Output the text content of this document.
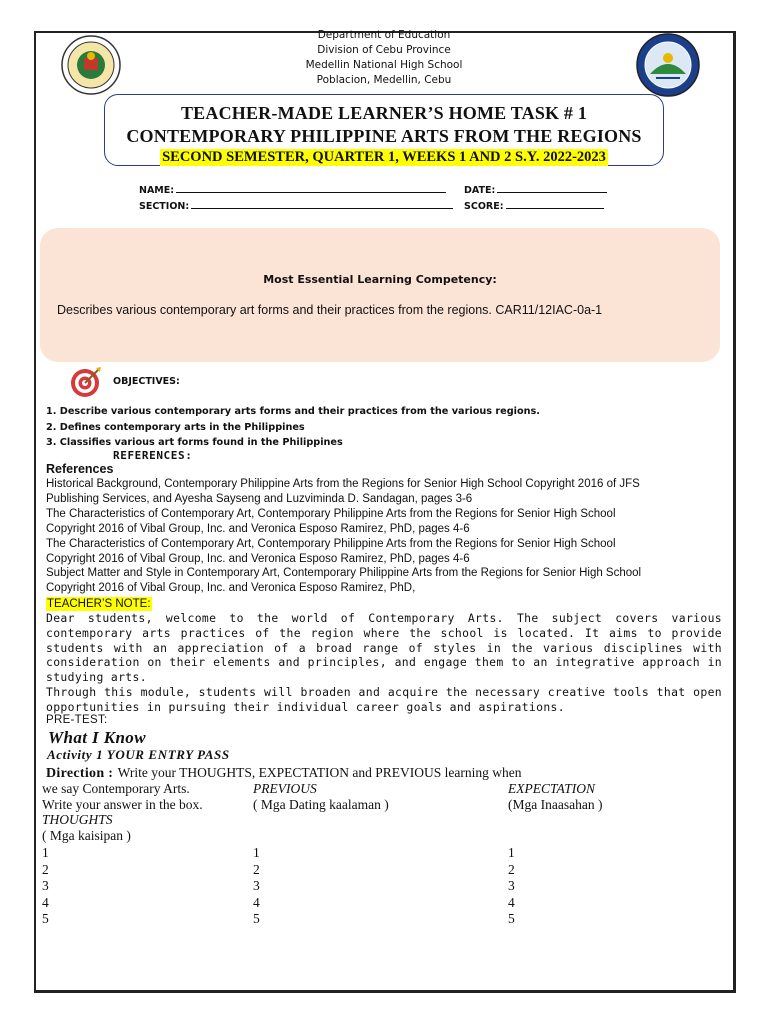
Department of Education
Division of Cebu Province
Medellin National High School
Poblacion, Medellin, Cebu
TEACHER-MADE LEARNER’S HOME TASK # 1
CONTEMPORARY PHILIPPINE ARTS FROM THE REGIONS
SECOND SEMESTER, QUARTER 1, WEEKS 1 AND 2 S.Y. 2022-2023
NAME:	DATE:
SECTION:	SCORE:
Most Essential Learning Competency:
Describes various contemporary art forms and their practices from the regions. CAR11/12IAC-0a-1
OBJECTIVES:
1. Describe various contemporary arts forms and their practices from the various regions.
2. Defines contemporary arts in the Philippines
3. Classifies various art forms found in the Philippines
REFERENCES:
References
Historical Background, Contemporary Philippine Arts from the Regions for Senior High School Copyright 2016 of JFS
Publishing Services, and Ayesha Sayseng and Luzviminda D. Sandagan, pages 3-6
The Characteristics of Contemporary Art, Contemporary Philippine Arts from the Regions for Senior High School
Copyright 2016 of Vibal Group, Inc. and Veronica Esposo Ramirez, PhD, pages 4-6
The Characteristics of Contemporary Art, Contemporary Philippine Arts from the Regions for Senior High School
Copyright 2016 of Vibal Group, Inc. and Veronica Esposo Ramirez, PhD, pages 4-6
Subject Matter and Style in Contemporary Art, Contemporary Philippine Arts from the Regions for Senior High School
Copyright 2016 of Vibal Group, Inc. and Veronica Esposo Ramirez, PhD,
TEACHER’S NOTE:

Dear students, welcome to the world of Contemporary Arts. The subject covers various contemporary arts practices of the region where the school is located. It aims to provide students with an appreciation of a broad range of styles in the various disciplines with consideration on their elements and principles, and engage them to an integrative approach in studying arts.

Through this module, students will broaden and acquire the necessary creative tools that open opportunities in pursuing their individual career goals and aspirations.

PRE-TEST:
What I Know
Activity 1 YOUR ENTRY PASS
Direction : Write your THOUGHTS, EXPECTATION and PREVIOUS learning when
we say Contemporary Arts.
Write your answer in the box.
THOUGHTS
( Mga kaisipan )
PREVIOUS
( Mga Dating kaalaman )
EXPECTATION
(Mga Inaasahan )
1
2
3
4
5
1
2
3
4
5
1
2
3
4
5
